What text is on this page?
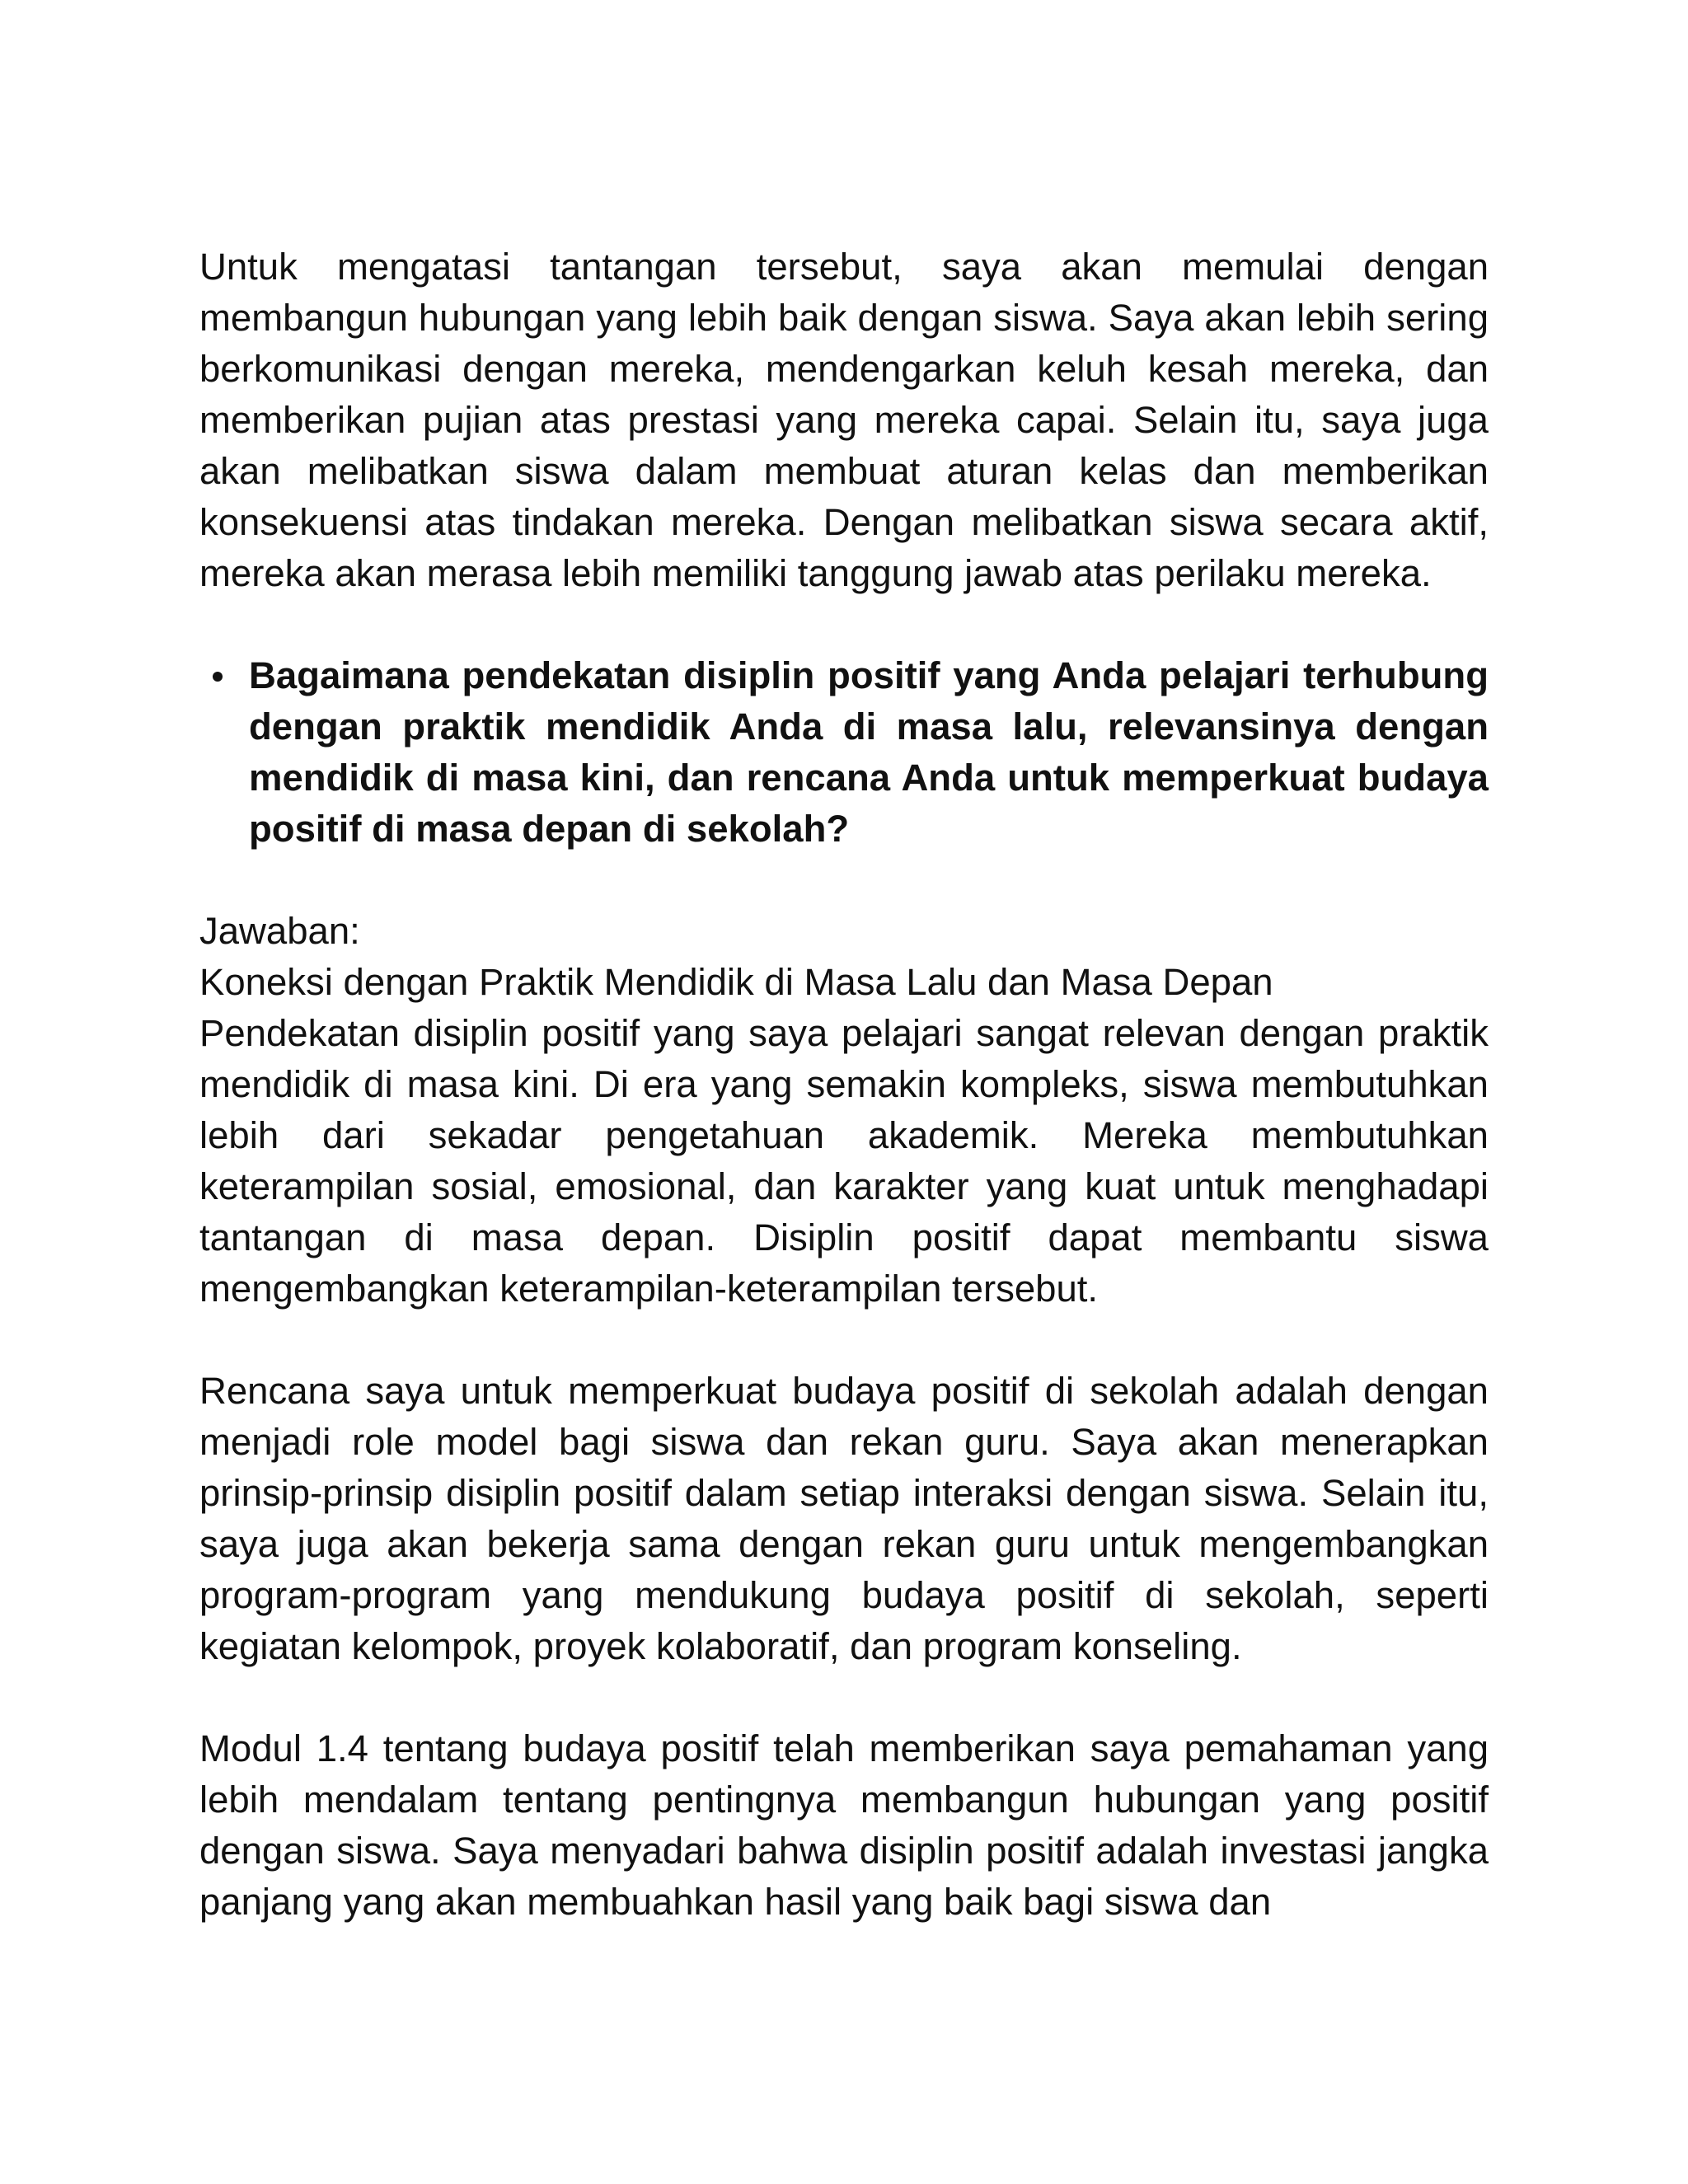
Untuk mengatasi tantangan tersebut, saya akan memulai dengan membangun hubungan yang lebih baik dengan siswa. Saya akan lebih sering berkomunikasi dengan mereka, mendengarkan keluh kesah mereka, dan memberikan pujian atas prestasi yang mereka capai. Selain itu, saya juga akan melibatkan siswa dalam membuat aturan kelas dan memberikan konsekuensi atas tindakan mereka. Dengan melibatkan siswa secara aktif, mereka akan merasa lebih memiliki tanggung jawab atas perilaku mereka.

Bagaimana pendekatan disiplin positif yang Anda pelajari terhubung dengan praktik mendidik Anda di masa lalu, relevansinya dengan mendidik di masa kini, dan rencana Anda untuk memperkuat budaya positif di masa depan di sekolah?

Jawaban:

Koneksi dengan Praktik Mendidik di Masa Lalu dan Masa Depan

Pendekatan disiplin positif yang saya pelajari sangat relevan dengan praktik mendidik di masa kini. Di era yang semakin kompleks, siswa membutuhkan lebih dari sekadar pengetahuan akademik. Mereka membutuhkan keterampilan sosial, emosional, dan karakter yang kuat untuk menghadapi tantangan di masa depan. Disiplin positif dapat membantu siswa mengembangkan keterampilan-keterampilan tersebut.

Rencana saya untuk memperkuat budaya positif di sekolah adalah dengan menjadi role model bagi siswa dan rekan guru. Saya akan menerapkan prinsip-prinsip disiplin positif dalam setiap interaksi dengan siswa. Selain itu, saya juga akan bekerja sama dengan rekan guru untuk mengembangkan program-program yang mendukung budaya positif di sekolah, seperti kegiatan kelompok, proyek kolaboratif, dan program konseling.

Modul 1.4 tentang budaya positif telah memberikan saya pemahaman yang lebih mendalam tentang pentingnya membangun hubungan yang positif dengan siswa. Saya menyadari bahwa disiplin positif adalah investasi jangka panjang yang akan membuahkan hasil yang baik bagi siswa dan
